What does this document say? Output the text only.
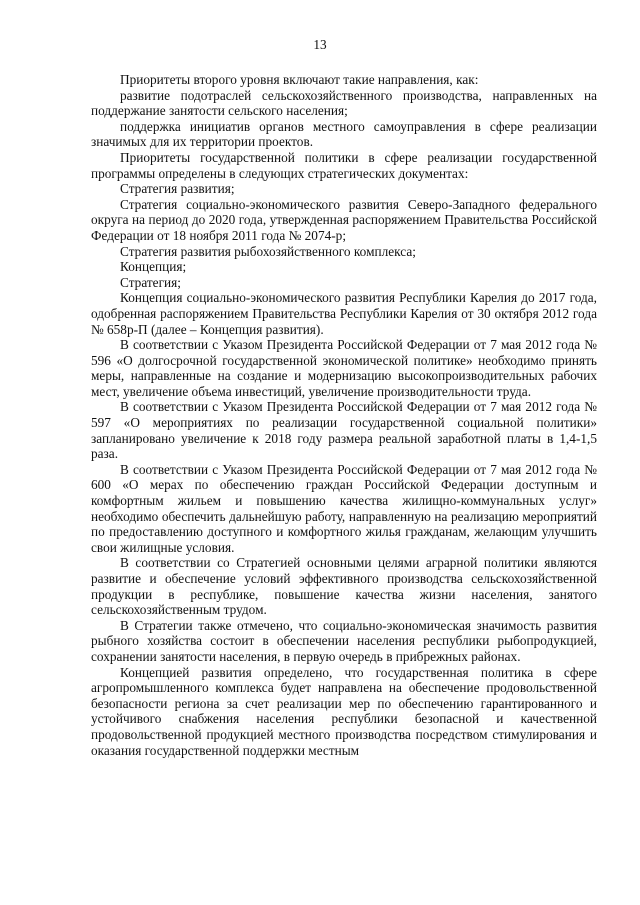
13

Приоритеты второго уровня включают такие направления, как:

развитие подотраслей сельскохозяйственного производства, направленных на поддержание занятости сельского населения;

поддержка инициатив органов местного самоуправления в сфере реализации значимых для их территории проектов.

Приоритеты государственной политики в сфере реализации государственной программы определены в следующих стратегических документах:

Стратегия развития;

Стратегия социально-экономического развития Северо-Западного федерального округа на период до 2020 года, утвержденная распоряжением Правительства Российской Федерации от 18 ноября 2011 года № 2074-р;

Стратегия развития рыбохозяйственного комплекса;

Концепция;

Стратегия;

Концепция социально-экономического развития Республики Карелия до 2017 года, одобренная распоряжением Правительства Республики Карелия от 30 октября 2012 года № 658р-П (далее – Концепция развития).

В соответствии с Указом Президента Российской Федерации от 7 мая 2012 года № 596 «О долгосрочной государственной экономической политике» необходимо принять меры, направленные на создание и модернизацию высокопроизводительных рабочих мест, увеличение объема инвестиций, увеличение производительности труда.

В соответствии с Указом Президента Российской Федерации от 7 мая 2012 года № 597 «О мероприятиях по реализации государственной социальной политики» запланировано увеличение к 2018 году размера реальной заработной платы в 1,4-1,5 раза.

В соответствии с Указом Президента Российской Федерации от 7 мая 2012 года № 600 «О мерах по обеспечению граждан Российской Федерации доступным и комфортным жильем и повышению качества жилищно-коммунальных услуг» необходимо обеспечить дальнейшую работу, направленную на реализацию мероприятий по предоставлению доступного и комфортного жилья гражданам, желающим улучшить свои жилищные условия.

В соответствии со Стратегией основными целями аграрной политики являются развитие и обеспечение условий эффективного производства сельскохозяйственной продукции в республике, повышение качества жизни населения, занятого сельскохозяйственным трудом.

В Стратегии также отмечено, что социально-экономическая значимость развития рыбного хозяйства состоит в обеспечении населения республики рыбопродукцией, сохранении занятости населения, в первую очередь в прибрежных районах.

Концепцией развития определено, что государственная политика в сфере агропромышленного комплекса будет направлена на обеспечение продовольственной безопасности региона за счет реализации мер по обеспечению гарантированного и устойчивого снабжения населения республики безопасной и качественной продовольственной продукцией местного производства посредством стимулирования и оказания государственной поддержки местным
